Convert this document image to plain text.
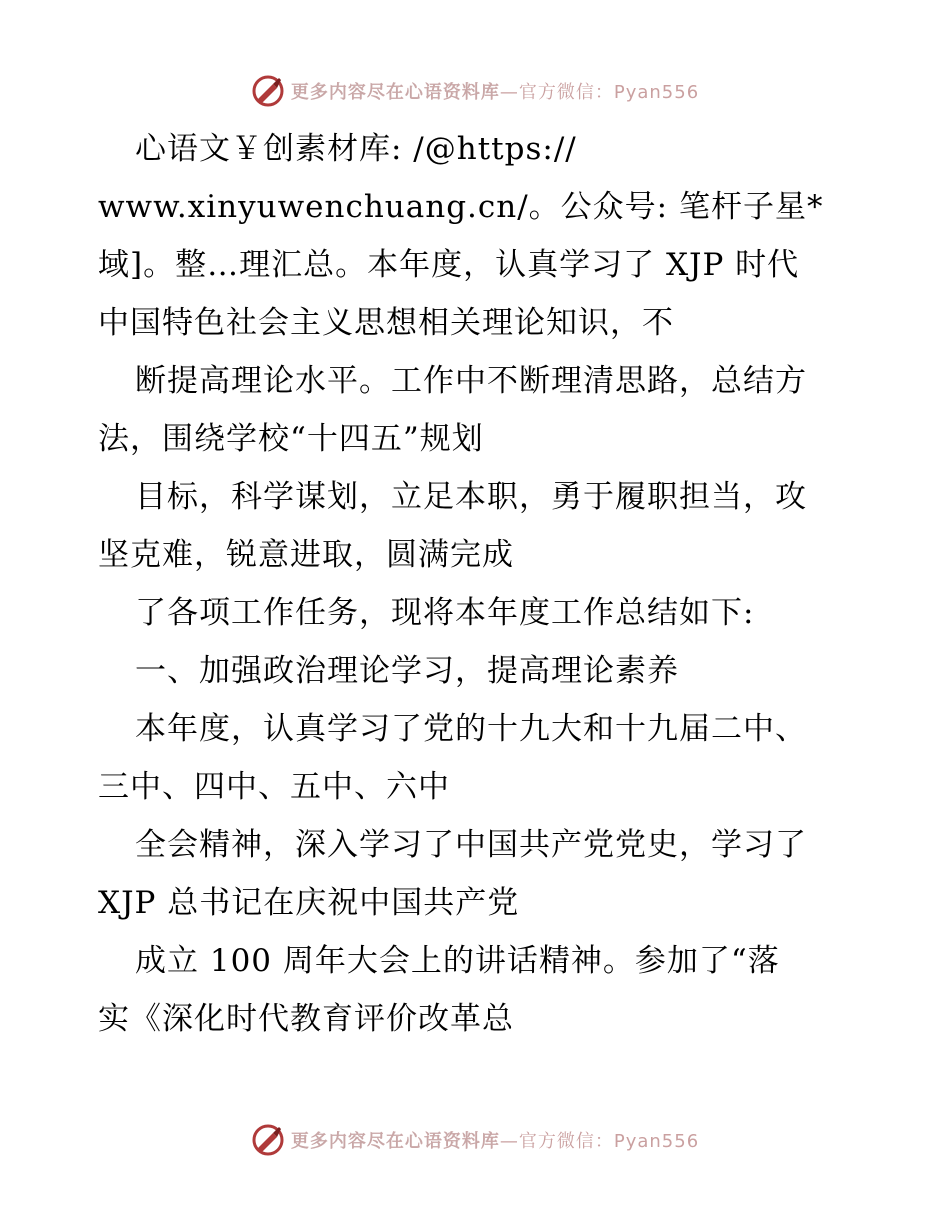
更多内容尽在心语资料库—官方微信：Pyan556
心语文￥创素材库: /@https://
www.xinyuwenchuang.cn/。公众号: 笔杆子星*
域]。整…理汇总。本年度，认真学习了 XJP 时代
中国特色社会主义思想相关理论知识，不
断提高理论水平。工作中不断理清思路，总结方
法，围绕学校“十四五”规划
目标，科学谋划，立足本职，勇于履职担当，攻
坚克难，锐意进取，圆满完成
了各项工作任务，现将本年度工作总结如下:
一、加强政治理论学习，提高理论素养
本年度，认真学习了党的十九大和十九届二中、
三中、四中、五中、六中
全会精神，深入学习了中国共产党党史，学习了
XJP 总书记在庆祝中国共产党
成立 100 周年大会上的讲话精神。参加了“落
实《深化时代教育评价改革总
更多内容尽在心语资料库—官方微信：Pyan556
